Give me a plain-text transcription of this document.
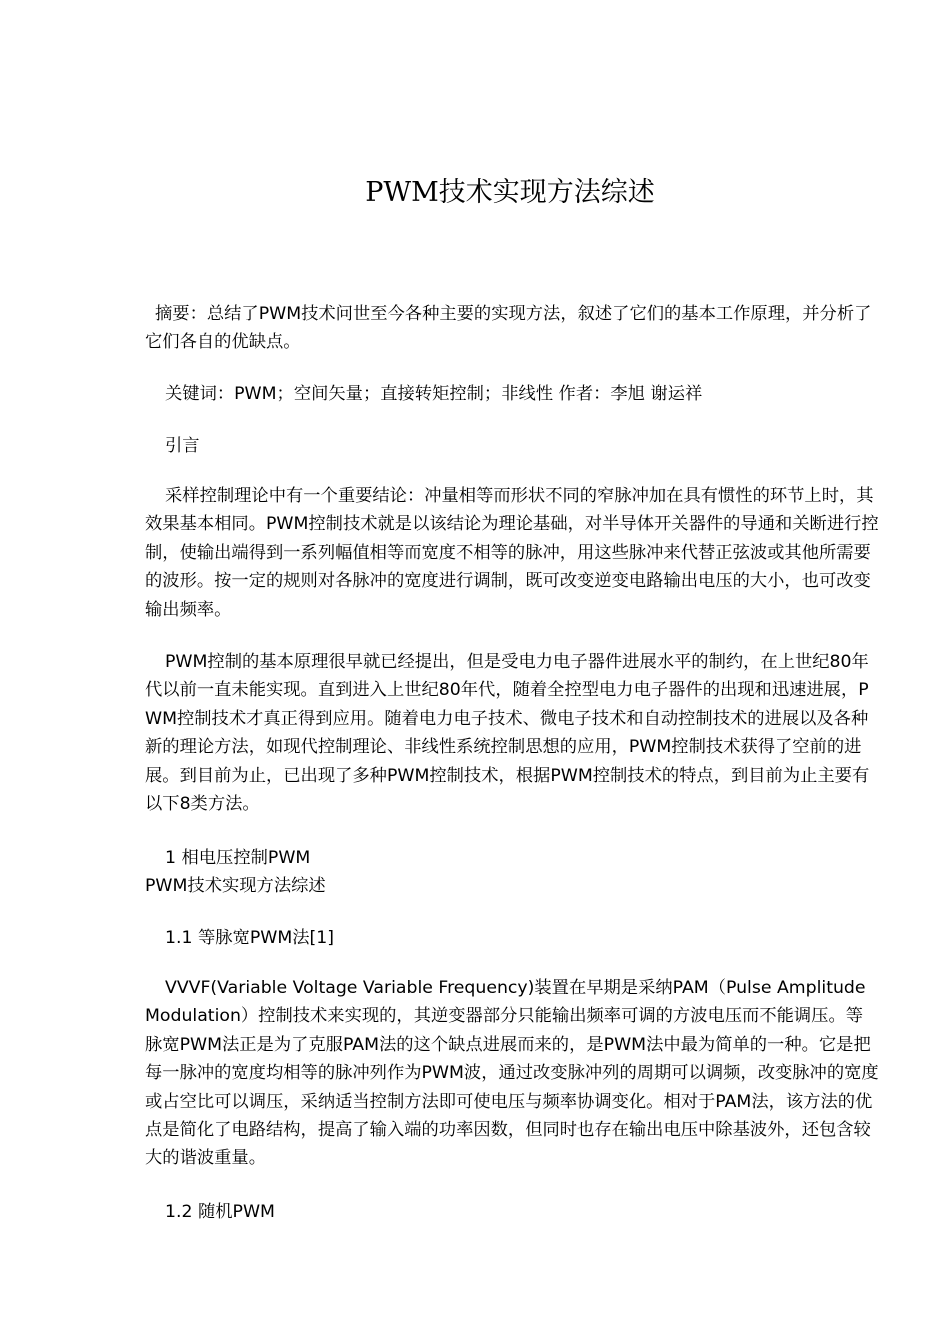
PWM技术实现方法综述

摘要：总结了PWM技术问世至今各种主要的实现方法，叙述了它们的基本工作原理，并分析了它们各自的优缺点。

关键词：PWM；空间矢量；直接转矩控制；非线性 作者：李旭 谢运祥
引言

采样控制理论中有一个重要结论：冲量相等而形状不同的窄脉冲加在具有惯性的环节上时，其效果基本相同。PWM控制技术就是以该结论为理论基础，对半导体开关器件的导通和关断进行控制，使输出端得到一系列幅值相等而宽度不相等的脉冲，用这些脉冲来代替正弦波或其他所需要的波形。按一定的规则对各脉冲的宽度进行调制，既可改变逆变电路输出电压的大小，也可改变输出频率。

PWM控制的基本原理很早就已经提出，但是受电力电子器件进展水平的制约，在上世纪80年代以前一直未能实现。直到进入上世纪80年代，随着全控型电力电子器件的出现和迅速进展，PWM控制技术才真正得到应用。随着电力电子技术、微电子技术和自动控制技术的进展以及各种新的理论方法，如现代控制理论、非线性系统控制思想的应用，PWM控制技术获得了空前的进展。到目前为止，已出现了多种PWM控制技术，根据PWM控制技术的特点，到目前为止主要有以下8类方法。

1 相电压控制PWM
PWM技术实现方法综述
1.1 等脉宽PWM法[1]

VVVF(Variable Voltage Variable Frequency)装置在早期是采纳PAM（Pulse Amplitude Modulation）控制技术来实现的，其逆变器部分只能输出频率可调的方波电压而不能调压。等脉宽PWM法正是为了克服PAM法的这个缺点进展而来的，是PWM法中最为简单的一种。它是把每一脉冲的宽度均相等的脉冲列作为PWM波，通过改变脉冲列的周期可以调频，改变脉冲的宽度或占空比可以调压，采纳适当控制方法即可使电压与频率协调变化。相对于PAM法，该方法的优点是简化了电路结构，提高了输入端的功率因数，但同时也存在输出电压中除基波外，还包含较大的谐波重量。

1.2 随机PWM
